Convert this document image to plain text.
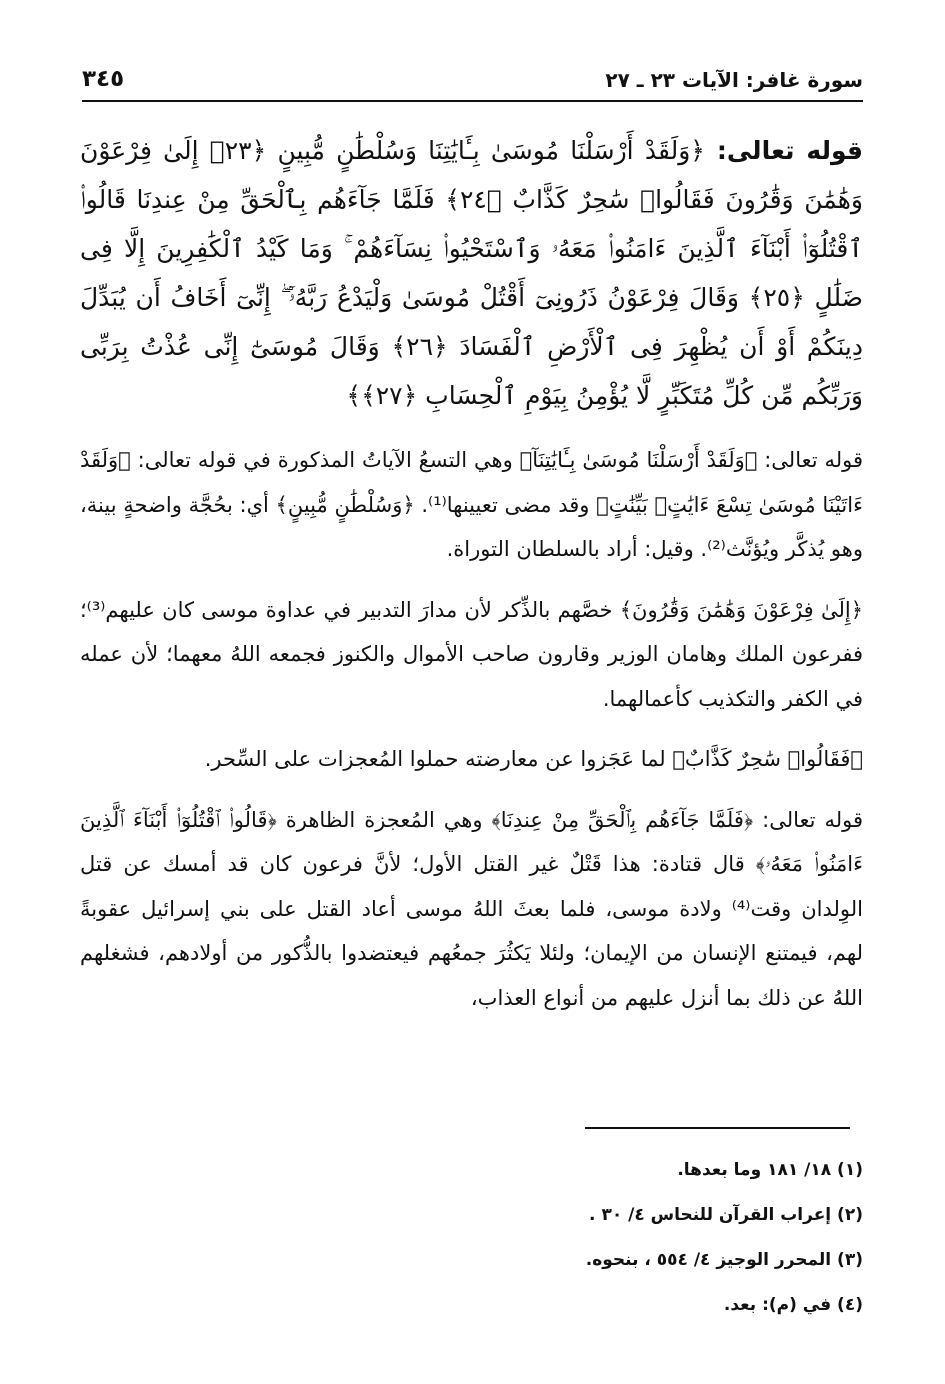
سورة غافر: الآيات ٢٣ ـ ٢٧
٣٤٥

قوله تعالى: ﴿وَلَقَدْ أَرْسَلْنَا مُوسَىٰ بِـَٔايَٰتِنَا وَسُلْطَٰنٍ مُّبِينٍ ﴿٢٣﴾ إِلَىٰ فِرْعَوْنَ وَهَٰمَٰنَ وَقَٰرُونَ فَقَالُوا۟ سَٰحِرٌ كَذَّابٌ ﴿٢٤﴾ فَلَمَّا جَآءَهُم بِٱلْحَقِّ مِنْ عِندِنَا قَالُوا۟ ٱقْتُلُوٓا۟ أَبْنَآءَ ٱلَّذِينَ ءَامَنُوا۟ مَعَهُۥ وَٱسْتَحْيُوا۟ نِسَآءَهُمْ ۚ وَمَا كَيْدُ ٱلْكَٰفِرِينَ إِلَّا فِى ضَلَٰلٍ ﴿٢٥﴾ وَقَالَ فِرْعَوْنُ ذَرُونِىٓ أَقْتُلْ مُوسَىٰ وَلْيَدْعُ رَبَّهُۥٓ ۖ إِنِّىٓ أَخَافُ أَن يُبَدِّلَ دِينَكُمْ أَوْ أَن يُظْهِرَ فِى ٱلْأَرْضِ ٱلْفَسَادَ ﴿٢٦﴾ وَقَالَ مُوسَىٰٓ إِنِّى عُذْتُ بِرَبِّى وَرَبِّكُم مِّن كُلِّ مُتَكَبِّرٍ لَّا يُؤْمِنُ بِيَوْمِ ٱلْحِسَابِ ﴿٢٧﴾﴾

قوله تعالى: ﴿وَلَقَدْ أَرْسَلْنَا مُوسَىٰ بِـَٔايَٰتِنَآ﴾ وهي التسعُ الآياتُ المذكورة في قوله تعالى: ﴿وَلَقَدْ ءَاتَيْنَا مُوسَىٰ تِسْعَ ءَايَٰتٍۭ بَيِّنَٰتٍ﴾ وقد مضى تعيينها⁽¹⁾. ﴿وَسُلْطَٰنٍ مُّبِينٍ﴾ أي: بحُجَّة واضحةٍ بينة، وهو يُذكَّر ويُؤنَّث⁽²⁾. وقيل: أراد بالسلطان التوراة.

﴿إِلَىٰ فِرْعَوْنَ وَهَٰمَٰنَ وَقَٰرُونَ﴾ خصَّهم بالذِّكر لأن مدارَ التدبير في عداوة موسى كان عليهم⁽³⁾؛ ففرعون الملك وهامان الوزير وقارون صاحب الأموال والكنوز فجمعه اللهُ معهما؛ لأن عمله في الكفر والتكذيب كأعمالهما.

﴿فَقَالُوا۟ سَٰحِرٌ كَذَّابٌ﴾ لما عَجَزوا عن معارضته حملوا المُعجزات على السِّحر.

قوله تعالى: ﴿فَلَمَّا جَآءَهُم بِٱلْحَقِّ مِنْ عِندِنَا﴾ وهي المُعجزة الظاهرة ﴿قَالُوا۟ ٱقْتُلُوٓا۟ أَبْنَآءَ ٱلَّذِينَ ءَامَنُوا۟ مَعَهُۥ﴾ قال قتادة: هذا قَتْلٌ غير القتل الأول؛ لأنَّ فرعون كان قد أمسك عن قتل الوِلدان وقت⁽⁴⁾ ولادة موسى، فلما بعثَ اللهُ موسى أعاد القتل على بني إسرائيل عقوبةً لهم، فيمتنع الإنسان من الإيمان؛ ولئلا يَكثُرَ جمعُهم فيعتضدوا بالذُّكور من أولادهم، فشغلهم اللهُ عن ذلك بما أنزل عليهم من أنواع العذاب،

(١) ١٨/ ١٨١ وما بعدها.

(٢) إعراب القرآن للنحاس ٤/ ٣٠ .

(٣) المحرر الوجيز ٤/ ٥٥٤ ، بنحوه.

(٤) في (م): بعد.
